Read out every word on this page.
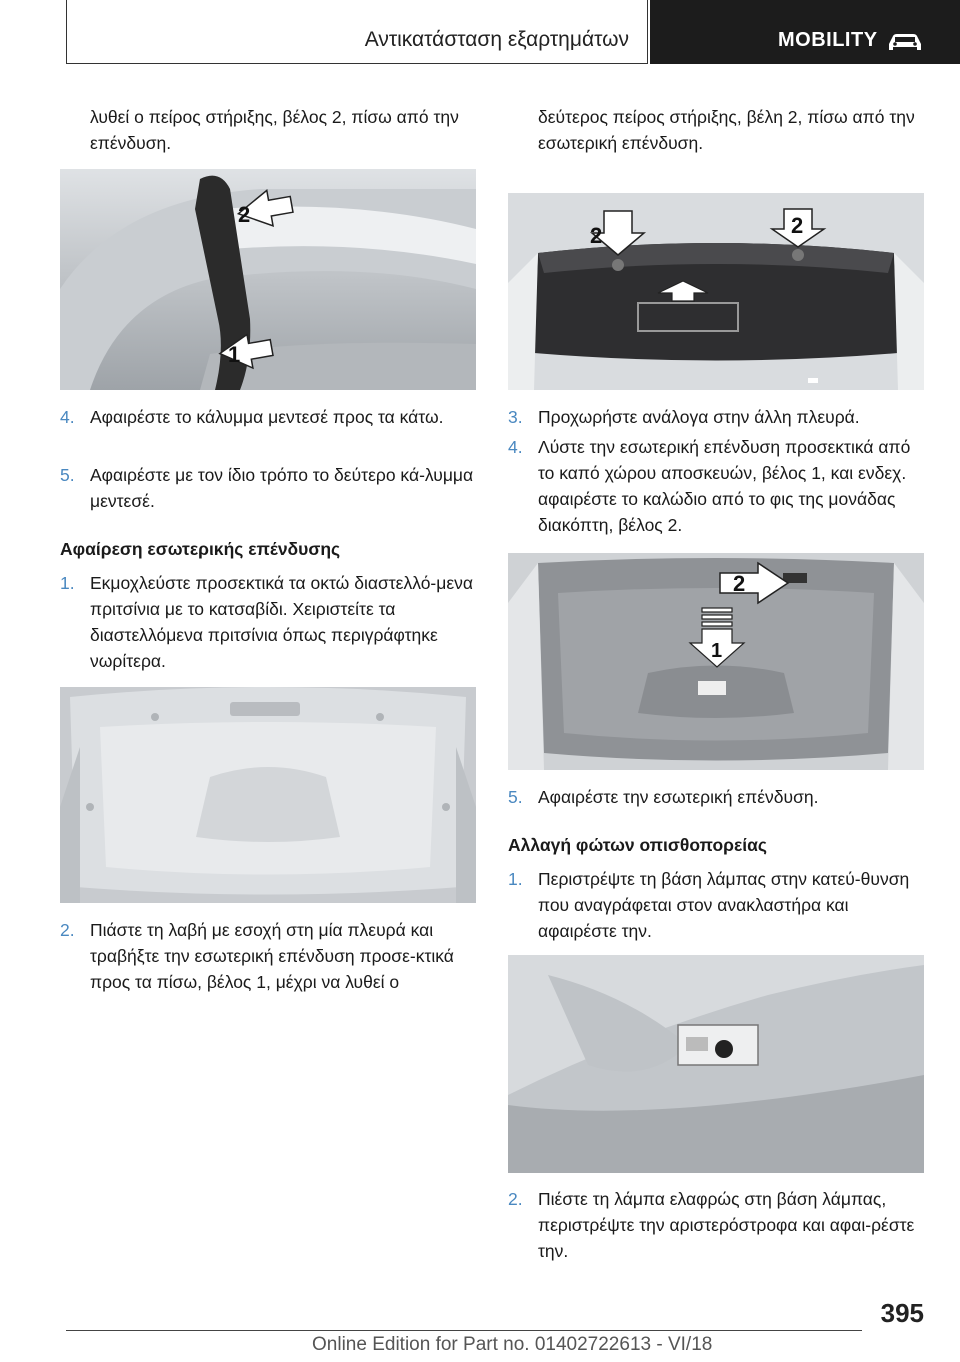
Αντικατάσταση εξαρτημάτων	MOBILITY

λυθεί ο πείρος στήριξης, βέλος 2, πίσω από την επένδυση.

2
1
4. Αφαιρέστε το κάλυμμα μεντεσέ προς τα κάτω.
5. Αφαιρέστε με τον ίδιο τρόπο το δεύτερο κά‐λυμμα μεντεσέ.
Αφαίρεση εσωτερικής επένδυσης
1. Εκμοχλεύστε προσεκτικά τα οκτώ διαστελλό‐μενα πριτσίνια με το κατσαβίδι. Χειριστείτε τα διαστελλόμενα πριτσίνια όπως περιγράφτηκε νωρίτερα.
2. Πιάστε τη λαβή με εσοχή στη μία πλευρά και τραβήξτε την εσωτερική επένδυση προσε‐κτικά προς τα πίσω, βέλος 1, μέχρι να λυθεί ο

δεύτερος πείρος στήριξης, βέλη 2, πίσω από την εσωτερική επένδυση.

2	2
3. Προχωρήστε ανάλογα στην άλλη πλευρά.
4. Λύστε την εσωτερική επένδυση προσεκτικά από το καπό χώρου αποσκευών, βέλος 1, και ενδεχ. αφαιρέστε το καλώδιο από το φις της μονάδας διακόπτη, βέλος 2.
2
1
5. Αφαιρέστε την εσωτερική επένδυση.
Αλλαγή φώτων οπισθοπορείας
1. Περιστρέψτε τη βάση λάμπας στην κατεύ‐θυνση που αναγράφεται στον ανακλαστήρα και αφαιρέστε την.
2. Πιέστε τη λάμπα ελαφρώς στη βάση λάμπας, περιστρέψτε την αριστερόστροφα και αφαι‐ρέστε την.
395
Online Edition for Part no. 01402722613 - VI/18
